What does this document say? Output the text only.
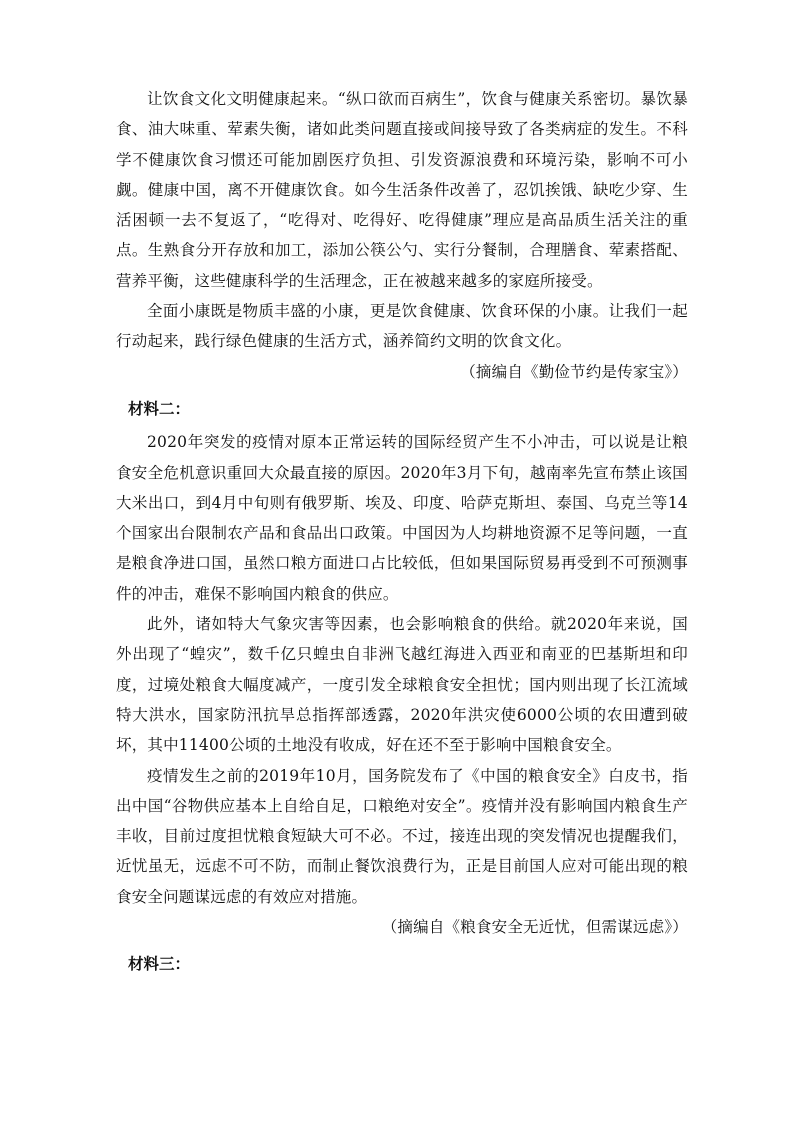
让饮食文化文明健康起来。“纵口欲而百病生”，饮食与健康关系密切。暴饮暴食、油大味重、荤素失衡，诸如此类问题直接或间接导致了各类病症的发生。不科学不健康饮食习惯还可能加剧医疗负担、引发资源浪费和环境污染，影响不可小觑。健康中国，离不开健康饮食。如今生活条件改善了，忍饥挨饿、缺吃少穿、生活困顿一去不复返了，“吃得对、吃得好、吃得健康”理应是高品质生活关注的重点。生熟食分开存放和加工，添加公筷公勺、实行分餐制，合理膳食、荤素搭配、营养平衡，这些健康科学的生活理念，正在被越来越多的家庭所接受。

全面小康既是物质丰盛的小康，更是饮食健康、饮食环保的小康。让我们一起行动起来，践行绿色健康的生活方式，涵养简约文明的饮食文化。

（摘编自《勤俭节约是传家宝》）

材料二：

2020年突发的疫情对原本正常运转的国际经贸产生不小冲击，可以说是让粮食安全危机意识重回大众最直接的原因。2020年3月下旬，越南率先宣布禁止该国大米出口，到4月中旬则有俄罗斯、埃及、印度、哈萨克斯坦、泰国、乌克兰等14个国家出台限制农产品和食品出口政策。中国因为人均耕地资源不足等问题，一直是粮食净进口国，虽然口粮方面进口占比较低，但如果国际贸易再受到不可预测事件的冲击，难保不影响国内粮食的供应。

此外，诸如特大气象灾害等因素，也会影响粮食的供给。就2020年来说，国外出现了“蝗灾”，数千亿只蝗虫自非洲飞越红海进入西亚和南亚的巴基斯坦和印度，过境处粮食大幅度减产，一度引发全球粮食安全担忧；国内则出现了长江流域特大洪水，国家防汛抗旱总指挥部透露，2020年洪灾使6000公顷的农田遭到破坏，其中11400公顷的土地没有收成，好在还不至于影响中国粮食安全。

疫情发生之前的2019年10月，国务院发布了《中国的粮食安全》白皮书，指出中国“谷物供应基本上自给自足，口粮绝对安全”。疫情并没有影响国内粮食生产丰收，目前过度担忧粮食短缺大可不必。不过，接连出现的突发情况也提醒我们，近忧虽无，远虑不可不防，而制止餐饮浪费行为，正是目前国人应对可能出现的粮食安全问题谋远虑的有效应对措施。

（摘编自《粮食安全无近忧，但需谋远虑》）

材料三：
